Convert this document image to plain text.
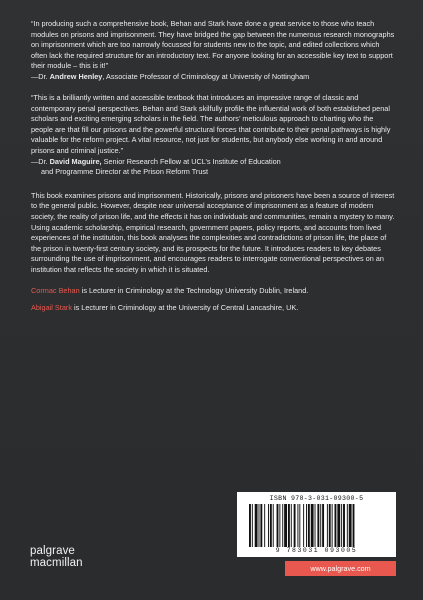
“In producing such a comprehensive book, Behan and Stark have done a great service to those who teach modules on prisons and imprisonment. They have bridged the gap between the numerous research monographs on imprisonment which are too narrowly focussed for students new to the topic, and edited collections which often lack the required structure for an introductory text. For anyone looking for an accessible key text to support their module – this is it!”

—Dr. Andrew Henley, Associate Professor of Criminology at University of Nottingham

“This is a brilliantly written and accessible textbook that introduces an impressive range of classic and contemporary penal perspectives. Behan and Stark skilfully profile the influential work of both established penal scholars and exciting emerging scholars in the field. The authors’ meticulous approach to charting who the people are that fill our prisons and the powerful structural forces that contribute to their penal pathways is highly valuable for the reform project. A vital resource, not just for students, but anybody else working in and around prisons and criminal justice.”

—Dr. David Maguire, Senior Research Fellow at UCL’s Institute of Education
and Programme Director at the Prison Reform Trust

This book examines prisons and imprisonment. Historically, prisons and prisoners have been a source of interest to the general public. However, despite near universal acceptance of imprisonment as a feature of modern society, the reality of prison life, and the effects it has on individuals and communities, remain a mystery to many. Using academic scholarship, empirical research, government papers, policy reports, and accounts from lived experiences of the institution, this book analyses the complexities and contradictions of prison life, the place of the prison in twenty-first century society, and its prospects for the future. It introduces readers to key debates surrounding the use of imprisonment, and encourages readers to interrogate conventional perspectives on an institution that reflects the society in which it is situated.

Cormac Behan is Lecturer in Criminology at the Technology University Dublin, Ireland.

Abigail Stark is Lecturer in Criminology at the University of Central Lancashire, UK.

ISBN 978-3-031-09300-5
9 783031 093005
palgrave
macmillan	www.palgrave.com
